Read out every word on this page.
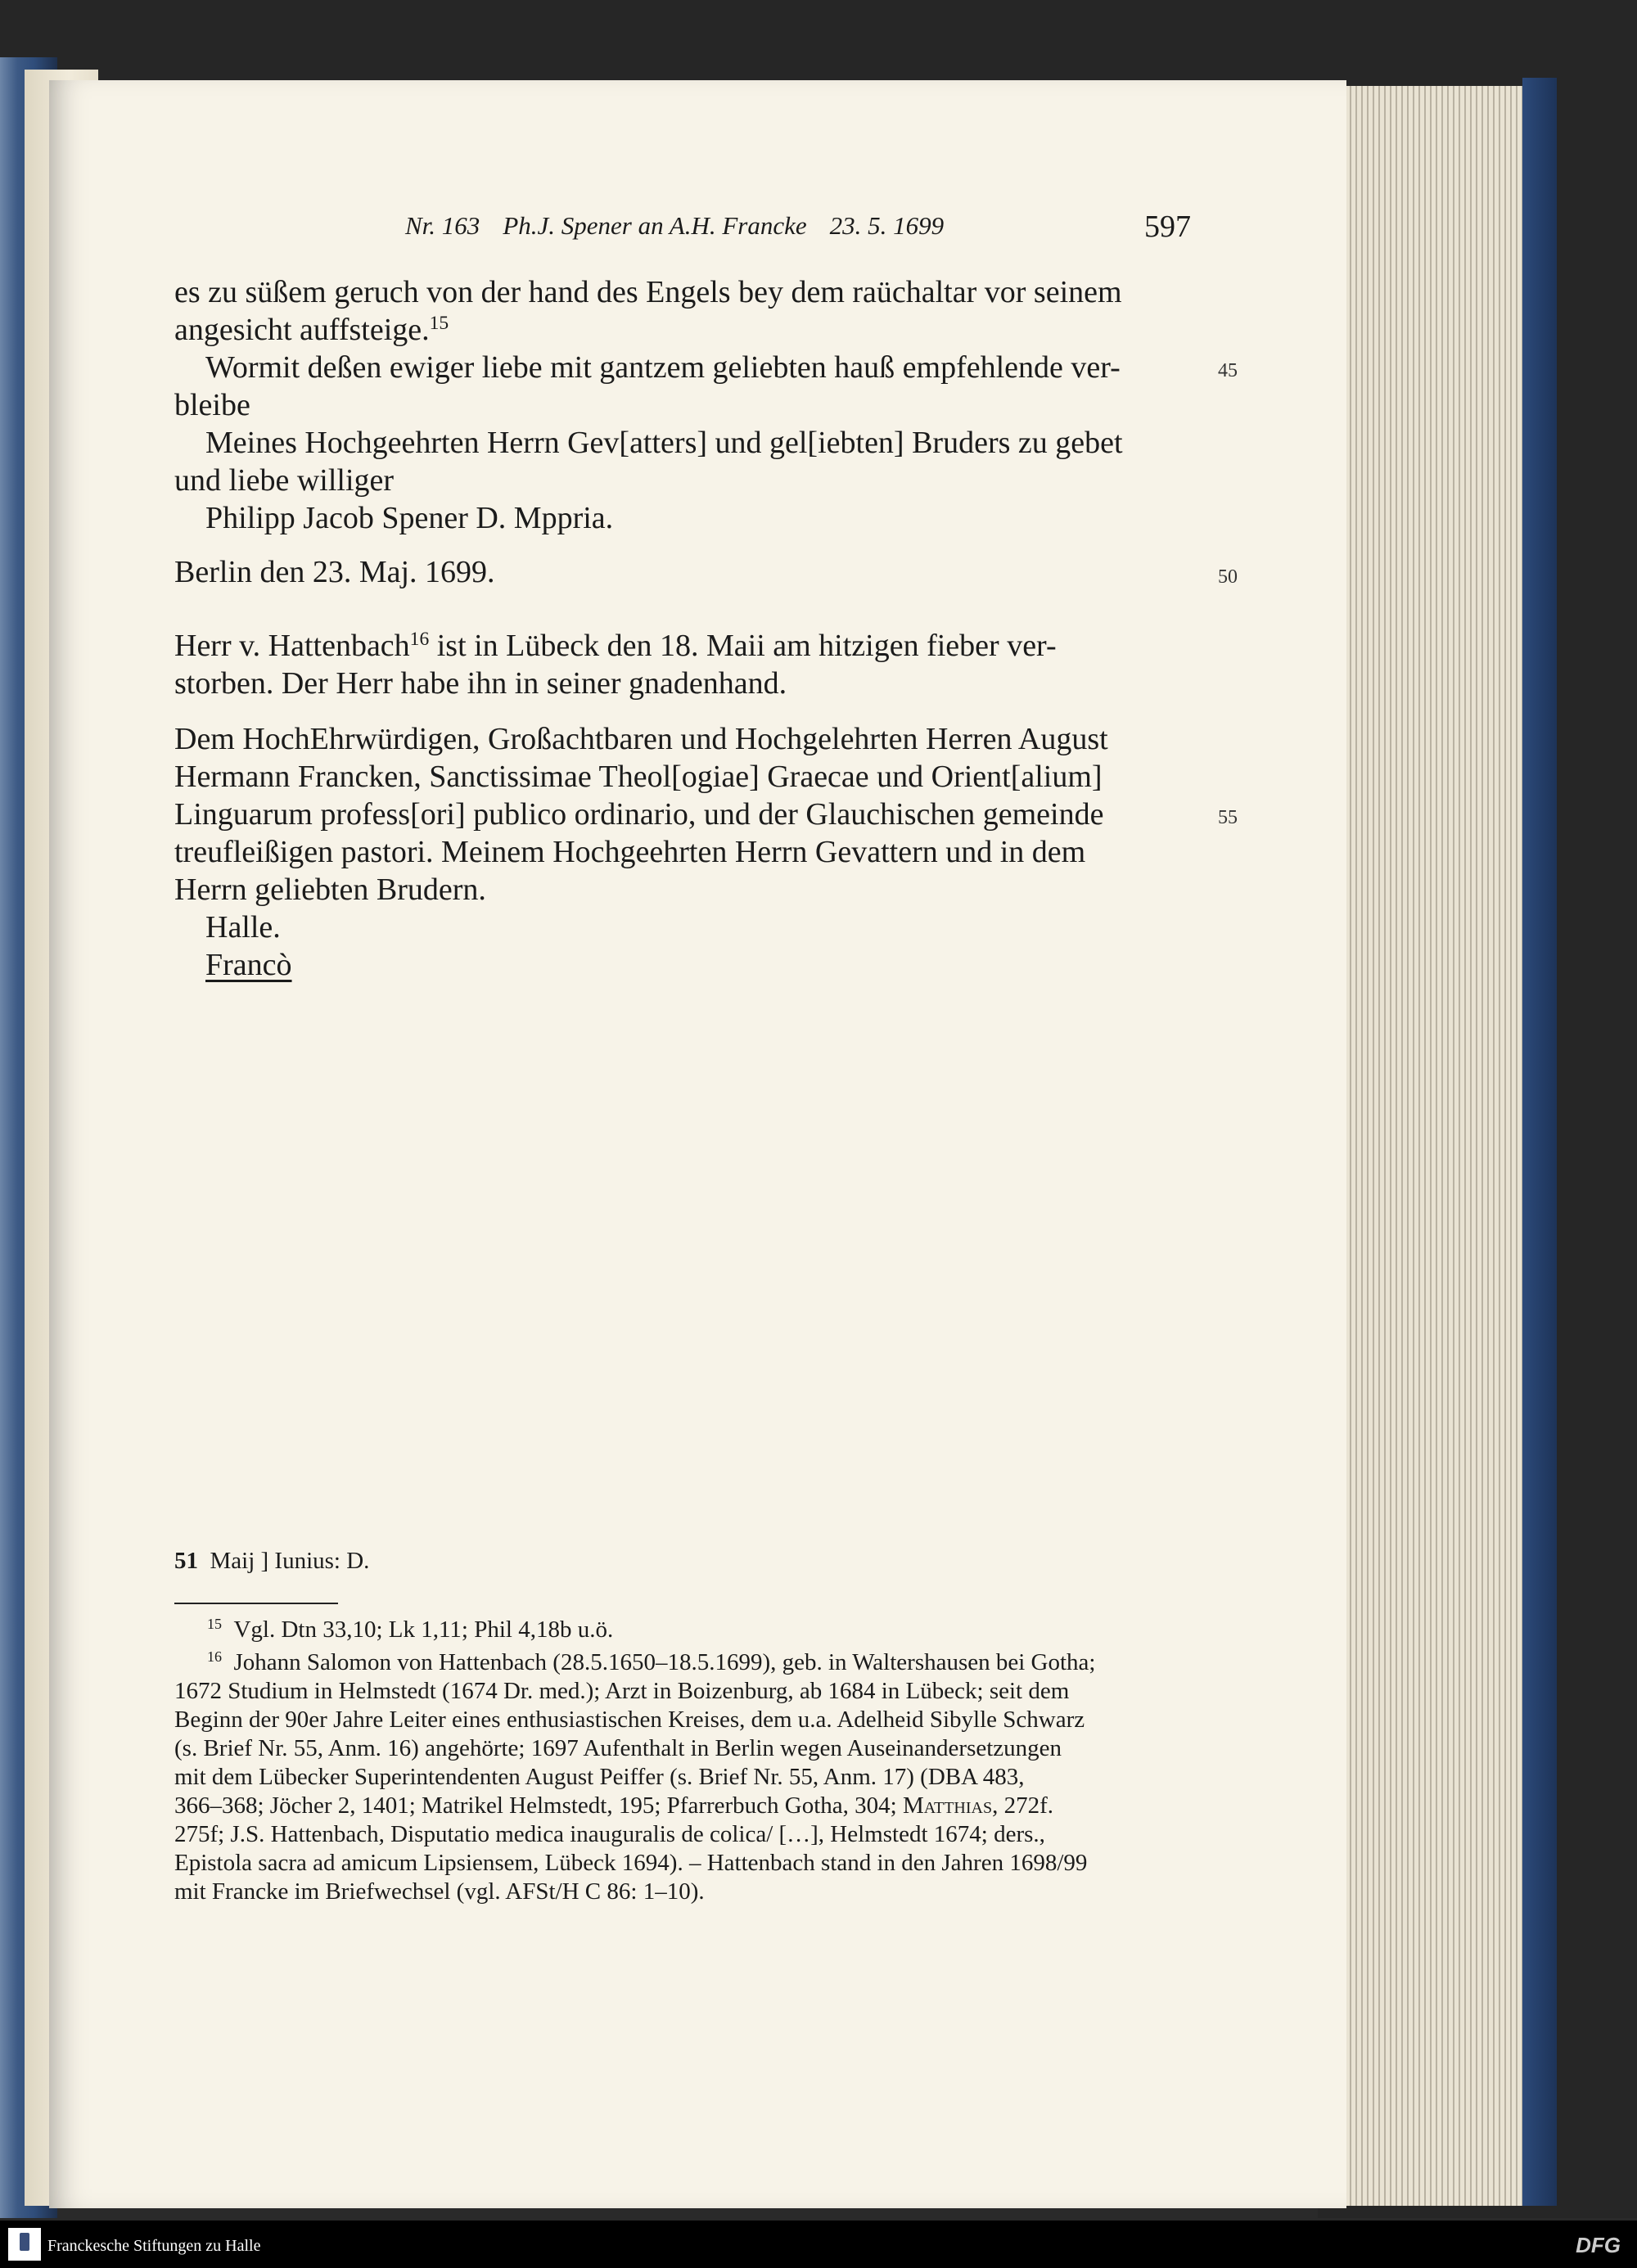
Nr. 163 Ph.J. Spener an A.H. Francke 23. 5. 1699	597
es zu süßem geruch von der hand des Engels bey dem raüchaltar vor seinem
angesicht auffsteige.$^{15}$
Wormit deßen ewiger liebe mit gantzem geliebten hauß empfehlende ver-
bleibe
Meines Hochgeehrten Herrn Gev[atters] und gel[iebten] Bruders zu gebet
und liebe williger
Philipp Jacob Spener D. Mppria.
Berlin den 23. Maj. 1699.
Herr v. Hattenbach$^{16}$ ist in Lübeck den 18. Maii am hitzigen fieber ver-
storben. Der Herr habe ihn in seiner gnadenhand.
Dem HochEhrwürdigen, Großachtbaren und Hochgelehrten Herren August
Hermann Francken, Sanctissimae Theol[ogiae] Graecae und Orient[alium]
Linguarum profess[ori] publico ordinario, und der Glauchischen gemeinde
treufleißigen pastori. Meinem Hochgeehrten Herrn Gevattern und in dem
Herrn geliebten Brudern.
Halle.
Francò
45
50
55
51  Maij ] Iunius: D.
$^{15}$  Vgl. Dtn 33,10; Lk 1,11; Phil 4,18b u.ö.
$^{16}$  Johann Salomon von Hattenbach (28.5.1650–18.5.1699), geb. in Waltershausen bei Gotha;
1672 Studium in Helmstedt (1674 Dr. med.); Arzt in Boizenburg, ab 1684 in Lübeck; seit dem
Beginn der 90er Jahre Leiter eines enthusiastischen Kreises, dem u.a. Adelheid Sibylle Schwarz
(s. Brief Nr. 55, Anm. 16) angehörte; 1697 Aufenthalt in Berlin wegen Auseinandersetzungen
mit dem Lübecker Superintendenten August Peiffer (s. Brief Nr. 55, Anm. 17) (DBA 483,
366–368; Jöcher 2, 1401; Matrikel Helmstedt, 195; Pfarrerbuch Gotha, 304; Matthias, 272f.
275f; J.S. Hattenbach, Disputatio medica inauguralis de colica/ […], Helmstedt 1674; ders.,
Epistola sacra ad amicum Lipsiensem, Lübeck 1694). – Hattenbach stand in den Jahren 1698/99
mit Francke im Briefwechsel (vgl. AFSt/H C 86: 1–10).
Franckesche Stiftungen zu Halle	DFG
